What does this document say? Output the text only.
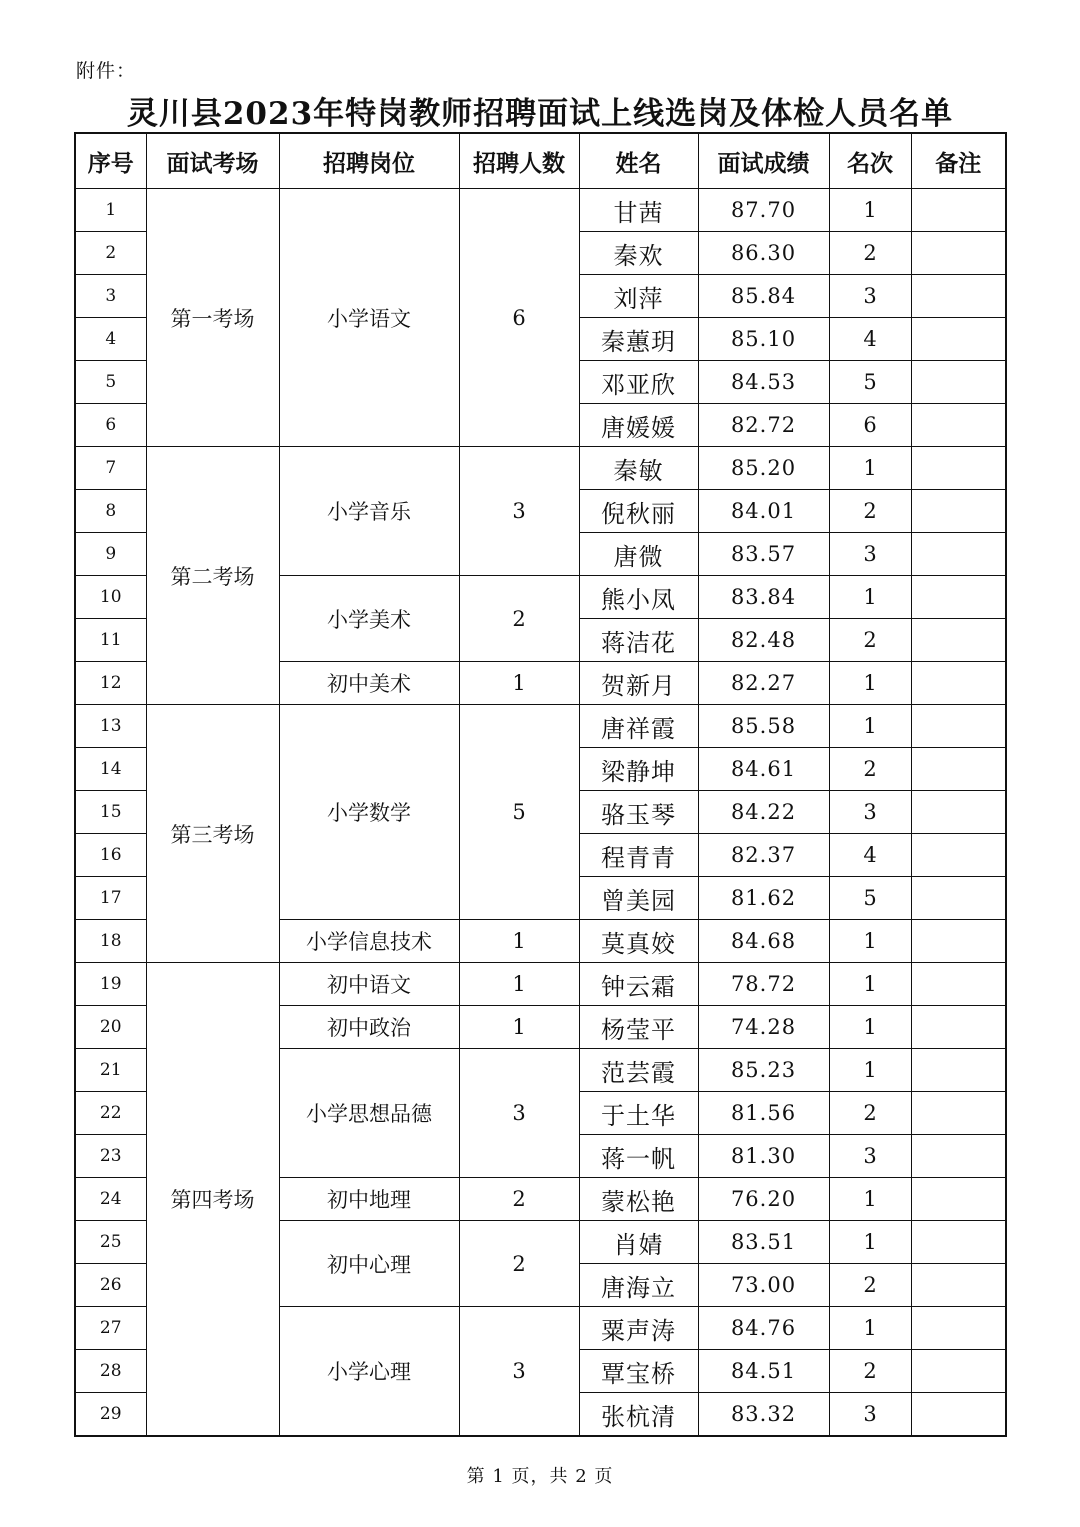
附件：
灵川县2023年特岗教师招聘面试上线选岗及体检人员名单
序号	面试考场	招聘岗位	招聘人数	姓名	面试成绩	名次	备注
1	第一考场	小学语文	6	甘茜	87.70	1	
2				秦欢	86.30	2	
3				刘萍	85.84	3	
4				秦蕙玥	85.10	4	
5				邓亚欣	84.53	5	
6				唐媛媛	82.72	6	
7	第二考场	小学音乐	3	秦敏	85.20	1	
8				倪秋丽	84.01	2	
9				唐微	83.57	3	
10		小学美术	2	熊小凤	83.84	1	
11				蒋洁花	82.48	2	
12		初中美术	1	贺新月	82.27	1	
13	第三考场	小学数学	5	唐祥霞	85.58	1	
14				梁静坤	84.61	2	
15				骆玉琴	84.22	3	
16				程青青	82.37	4	
17				曾美园	81.62	5	
18		小学信息技术	1	莫真姣	84.68	1	
19	第四考场	初中语文	1	钟云霜	78.72	1	
20		初中政治	1	杨莹平	74.28	1	
21		小学思想品德	3	范芸霞	85.23	1	
22				于土华	81.56	2	
23				蒋一帆	81.30	3	
24		初中地理	2	蒙松艳	76.20	1	
25		初中心理	2	肖婧	83.51	1	
26				唐海立	73.00	2	
27		小学心理	3	粟声涛	84.76	1	
28				覃宝桥	84.51	2	
29				张杭清	83.32	3	
第 1 页，共 2 页
